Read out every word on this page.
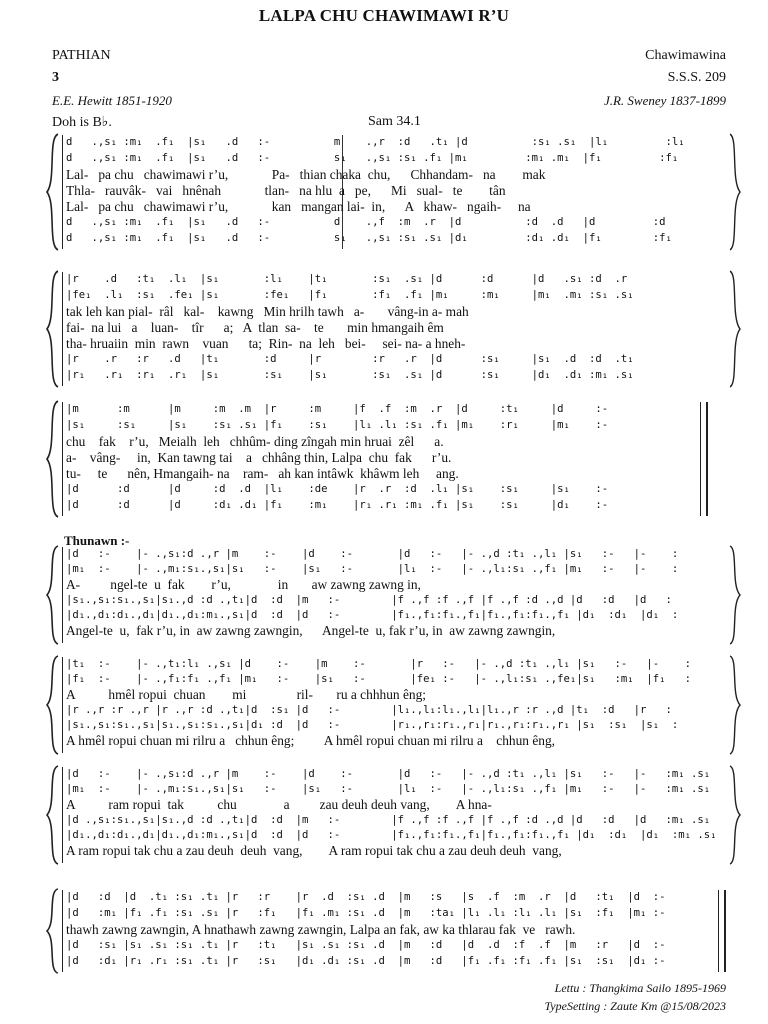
LALPA CHU CHAWIMAWI R’U
PATHIAN
3
E.E. Hewitt 1851-1920
Doh is B♭.	Sam 34.1
Chawimawina
S.S.S. 209
J.R. Sweney 1837-1899
d   .,s₁ :m₁  .f₁  |s₁   .d   :-          m    .,r  :d   .t₁ |d          :s₁ .s₁  |l₁         :l₁
d   .,s₁ :m₁  .f₁  |s₁   .d   :-          s₁   .,s₁ :s₁ .f₁ |m₁         :m₁ .m₁  |f₁         :f₁
Lal-   pa chu   chawimawi r’u,             Pa-   thian chaka  chu,      Chhandam-   na        mak
Thla-   rauvâk-   vai   hnênah             tlan-   na hlu  a   pe,      Mi   sual-   te        tân
Lal-   pa chu   chawimawi r’u,             kan   mangan lai-  in,      A   khaw-   ngaih-     na
d   .,s₁ :m₁  .f₁  |s₁   .d   :-          d    .,f  :m  .r  |d          :d  .d   |d         :d
d   .,s₁ :m₁  .f₁  |s₁   .d   :-          s₁   .,s₁ :s₁ .s₁ |d₁         :d₁ .d₁  |f₁        :f₁
|r    .d   :t₁  .l₁  |s₁       :l₁    |t₁       :s₁  .s₁ |d      :d      |d   .s₁ :d  .r
|fe₁  .l₁  :s₁  .fe₁ |s₁       :fe₁   |f₁       :f₁  .f₁ |m₁     :m₁     |m₁  .m₁ :s₁ .s₁
tak leh kan pial-  râl   kal-    kawng   Min hrilh tawh   a-       vâng-in a- mah
fai-  na lui   a    luan-    tîr      a;   A  tlan  sa-    te       min hmangaih êm
tha- hruaiin  min  rawn    vuan      ta;  Rin-  na  leh   bei-     sei- na- a hneh-
|r    .r   :r   .d   |t₁       :d     |r        :r   .r  |d      :s₁     |s₁  .d  :d  .t₁
|r₁   .r₁  :r₁  .r₁  |s₁       :s₁    |s₁       :s₁  .s₁ |d      :s₁     |d₁  .d₁ :m₁ .s₁
|m      :m      |m     :m  .m  |r     :m     |f  .f  :m  .r  |d     :t₁     |d     :-
|s₁     :s₁     |s₁    :s₁ .s₁ |f₁    :s₁    |l₁ .l₁ :s₁ .f₁ |m₁    :r₁     |m₁    :-
chu    fak    r’u,   Meialh  leh   chhûm- ding zîngah min hruai  zêl      a.
a-    vâng-     in,  Kan tawng tai    a   chhâng thin, Lalpa  chu  fak      r’u.
tu-     te      nên, Hmangaih- na    ram-   ah kan intâwk  khâwm leh     ang.
|d      :d      |d     :d  .d  |l₁    :de    |r  .r  :d  .l₁ |s₁    :s₁     |s₁    :-
|d      :d      |d     :d₁ .d₁ |f₁    :m₁    |r₁ .r₁ :m₁ .f₁ |s₁    :s₁     |d₁    :-
Thunawn :-
|d   :-    |- .,s₁:d .,r |m    :-    |d    :-       |d   :-   |- .,d :t₁ .,l₁ |s₁   :-   |-    :
|m₁  :-    |- .,m₁:s₁.,s₁|s₁   :-    |s₁   :-       |l₁  :-   |- .,l₁:s₁ .,f₁ |m₁   :-   |-    :
A-         ngel-te  u  fak        r’u,              in       aw zawng zawng in,
|s₁.,s₁:s₁.,s₁|s₁.,d :d .,t₁|d  :d  |m   :-        |f .,f :f .,f |f .,f :d .,d |d   :d   |d   :
|d₁.,d₁:d₁.,d₁|d₁.,d₁:m₁.,s₁|d  :d  |d   :-        |f₁.,f₁:f₁.,f₁|f₁.,f₁:f₁.,f₁ |d₁  :d₁  |d₁  :
Angel-te  u,  fak r’u, in  aw zawng zawngin,      Angel-te  u, fak r’u, in  aw zawng zawngin,
|t₁  :-    |- .,t₁:l₁ .,s₁ |d    :-    |m    :-       |r   :-   |- .,d :t₁ .,l₁ |s₁   :-   |-    :
|f₁  :-    |- .,f₁:f₁ .,f₁ |m₁   :-    |s₁   :-       |fe₁ :-   |- .,l₁:s₁ .,fe₁|s₁   :m₁  |f₁   :
A          hmêl ropui  chuan        mi               ril-       ru a chhhun êng;
|r .,r :r .,r |r .,r :d .,t₁|d  :s₁ |d   :-        |l₁.,l₁:l₁.,l₁|l₁.,r :r .,d |t₁  :d   |r   :
|s₁.,s₁:s₁.,s₁|s₁.,s₁:s₁.,s₁|d₁ :d  |d   :-        |r₁.,r₁:r₁.,r₁|r₁.,r₁:r₁.,r₁ |s₁  :s₁  |s₁  :
A hmêl ropui chuan mi rilru a   chhun êng;         A hmêl ropui chuan mi rilru a    chhun êng,
|d   :-    |- .,s₁:d .,r |m    :-    |d    :-       |d   :-   |- .,d :t₁ .,l₁ |s₁   :-   |-   :m₁ .s₁
|m₁  :-    |- .,m₁:s₁.,s₁|s₁   :-    |s₁   :-       |l₁  :-   |- .,l₁:s₁ .,f₁ |m₁   :-   |-   :m₁ .s₁
A          ram ropui  tak          chu              a         zau deuh deuh vang,        A hna-
|d .,s₁:s₁.,s₁|s₁.,d :d .,t₁|d  :d  |m   :-        |f .,f :f .,f |f .,f :d .,d |d   :d   |d   :m₁ .s₁
|d₁.,d₁:d₁.,d₁|d₁.,d₁:m₁.,s₁|d  :d  |d   :-        |f₁.,f₁:f₁.,f₁|f₁.,f₁:f₁.,f₁ |d₁  :d₁  |d₁  :m₁ .s₁
A ram ropui tak chu a zau deuh  deuh  vang,        A ram ropui tak chu a zau deuh deuh  vang,
|d   :d  |d  .t₁ :s₁ .t₁ |r   :r    |r  .d  :s₁ .d  |m   :s   |s  .f  :m  .r  |d   :t₁  |d  :-
|d   :m₁ |f₁ .f₁ :s₁ .s₁ |r   :f₁   |f₁ .m₁ :s₁ .d  |m   :ta₁ |l₁ .l₁ :l₁ .l₁ |s₁  :f₁  |m₁ :-
thawh zawng zawngin, A hnathawh zawng zawngin, Lalpa an fak, aw ka thlarau fak  ve   rawh.
|d   :s₁ |s₁ .s₁ :s₁ .t₁ |r   :t₁   |s₁ .s₁ :s₁ .d  |m   :d   |d  .d  :f  .f  |m   :r   |d  :-
|d   :d₁ |r₁ .r₁ :s₁ .t₁ |r   :s₁   |d₁ .d₁ :s₁ .d  |m   :d   |f₁ .f₁ :f₁ .f₁ |s₁  :s₁  |d₁ :-
Lettu : Thangkima Sailo 1895-1969
TypeSetting : Zaute Km @15/08/2023
